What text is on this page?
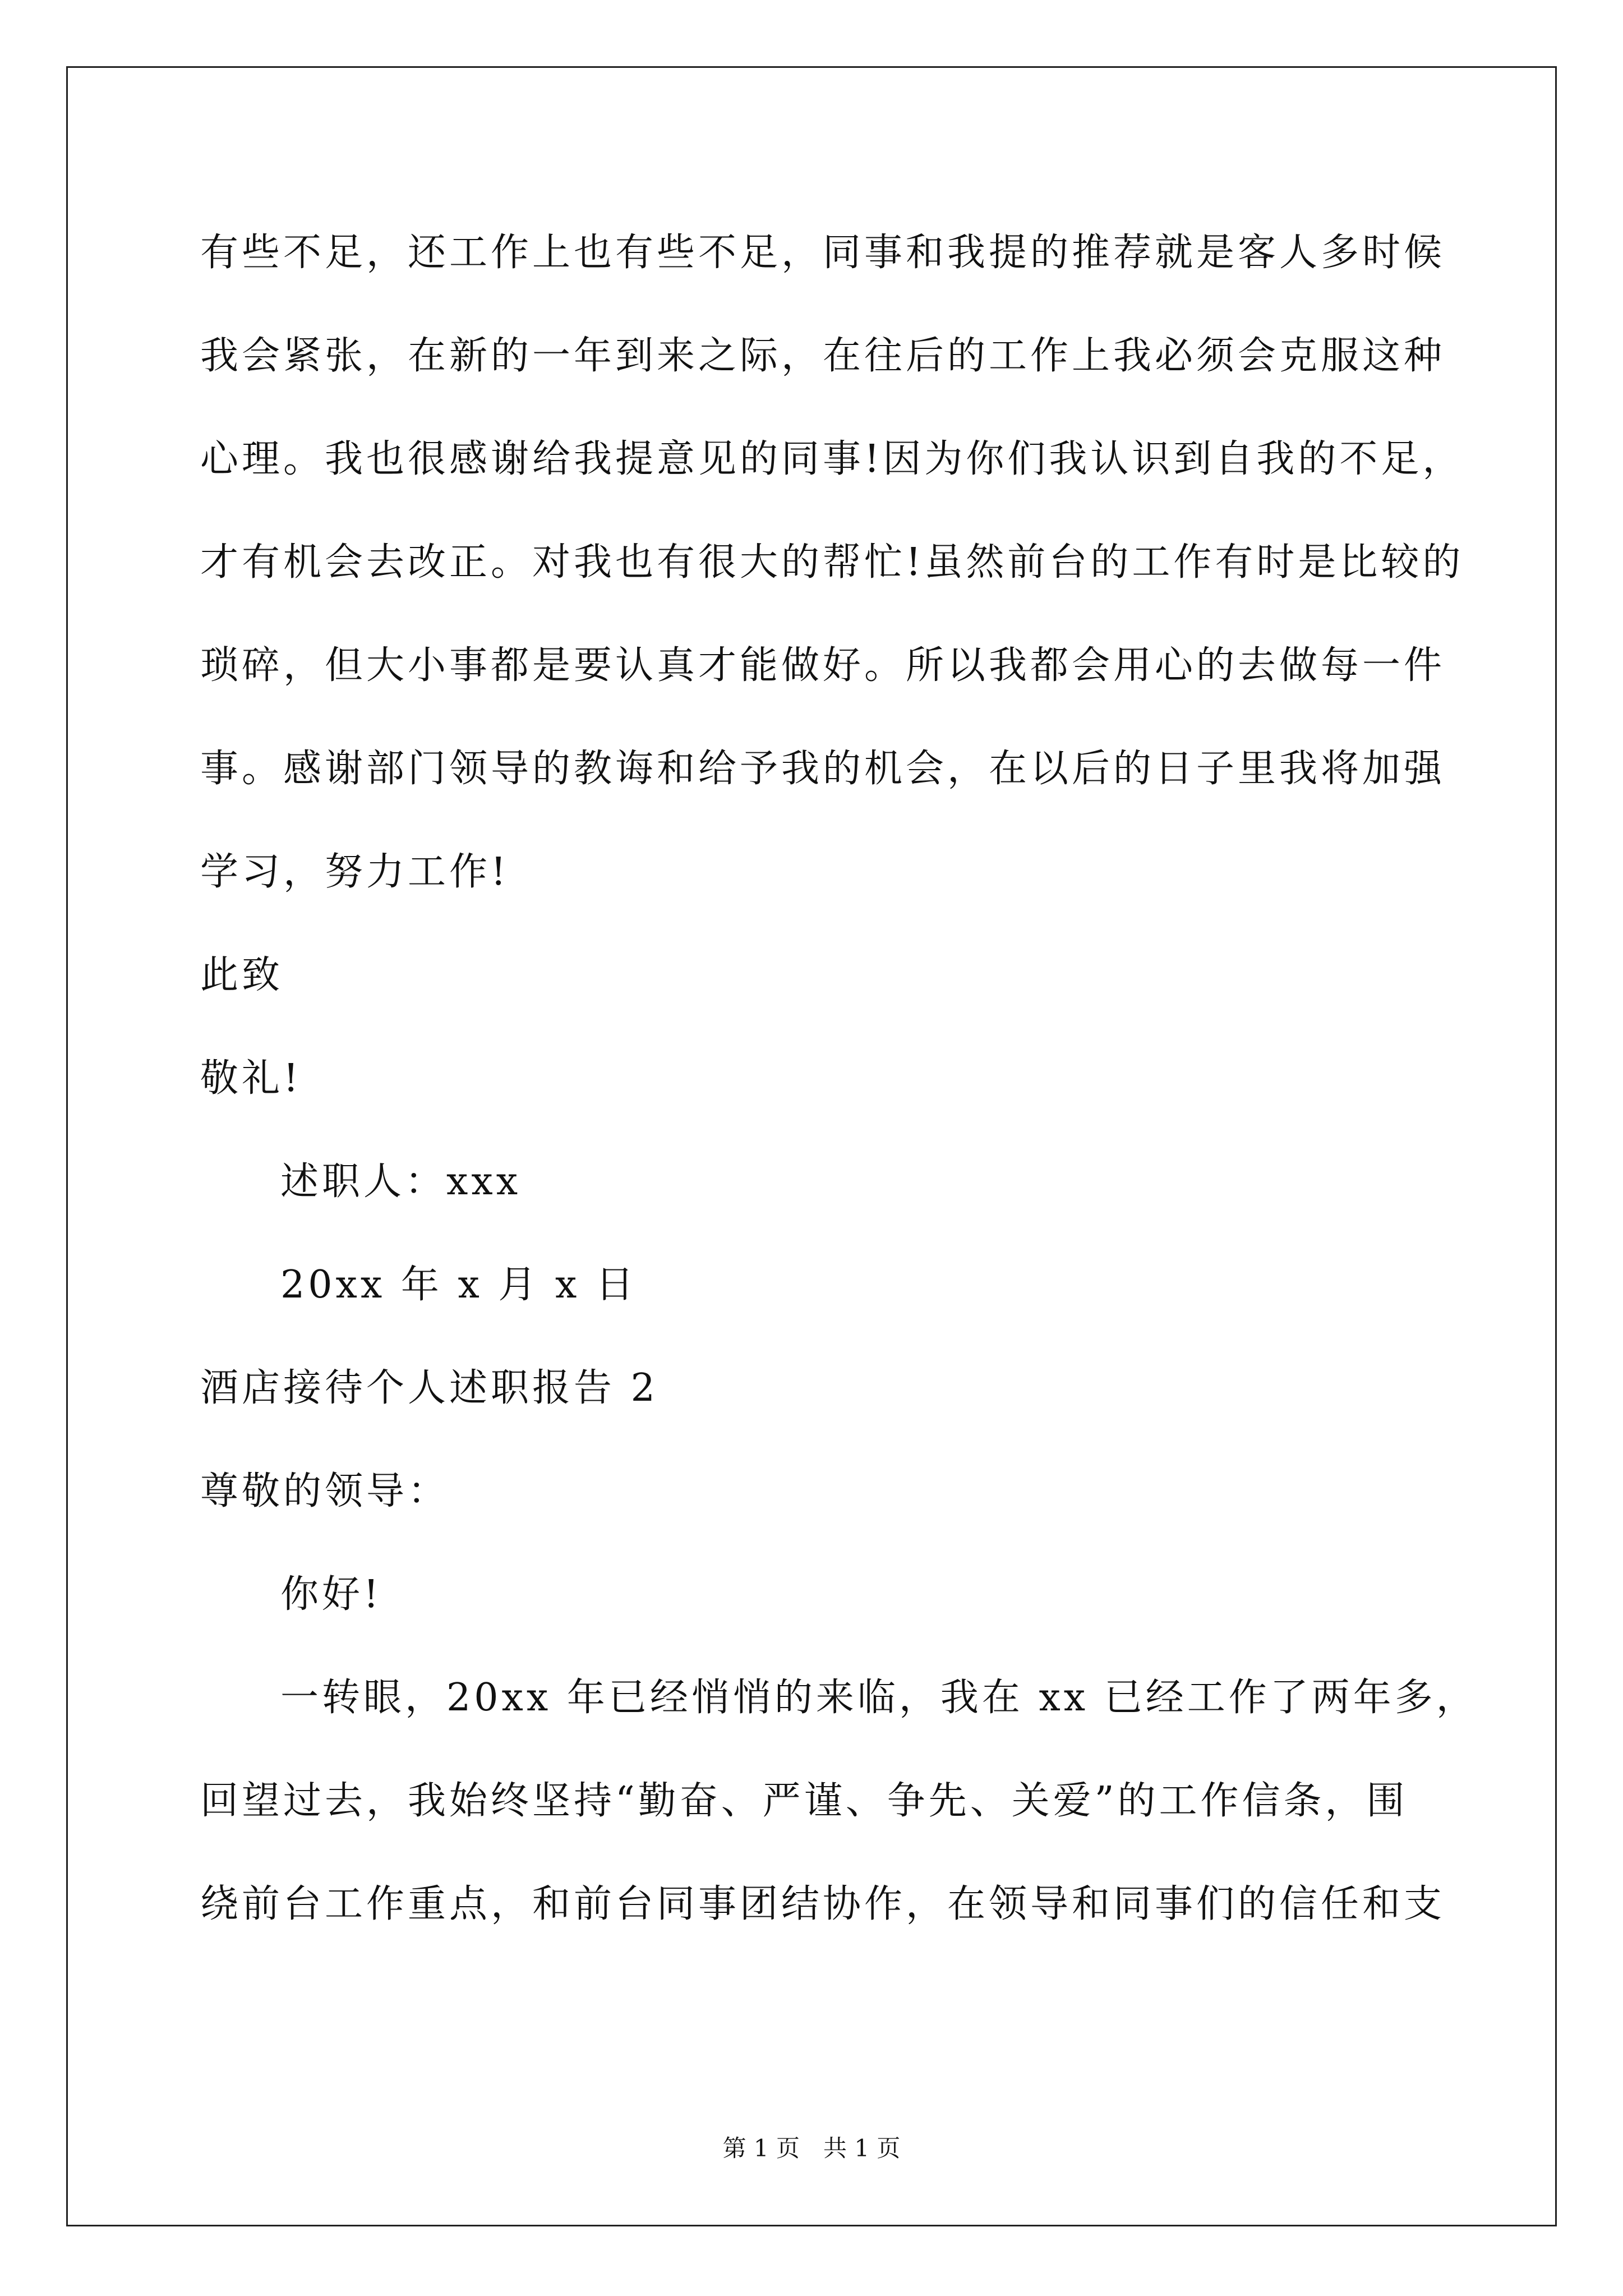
有些不足，还工作上也有些不足，同事和我提的推荐就是客人多时候
我会紧张，在新的一年到来之际，在往后的工作上我必须会克服这种
心理。我也很感谢给我提意见的同事!因为你们我认识到自我的不足，
才有机会去改正。对我也有很大的帮忙!虽然前台的工作有时是比较的
琐碎，但大小事都是要认真才能做好。所以我都会用心的去做每一件
事。感谢部门领导的教诲和给予我的机会，在以后的日子里我将加强
学习，努力工作!
此致
敬礼!
述职人：xxx
20xx 年 x 月 x 日
酒店接待个人述职报告 2
尊敬的领导：
你好!
一转眼，20xx 年已经悄悄的来临，我在 xx 已经工作了两年多，
回望过去，我始终坚持“勤奋、严谨、争先、关爱”的工作信条，围
绕前台工作重点，和前台同事团结协作，在领导和同事们的信任和支
第 1 页　共 1 页
